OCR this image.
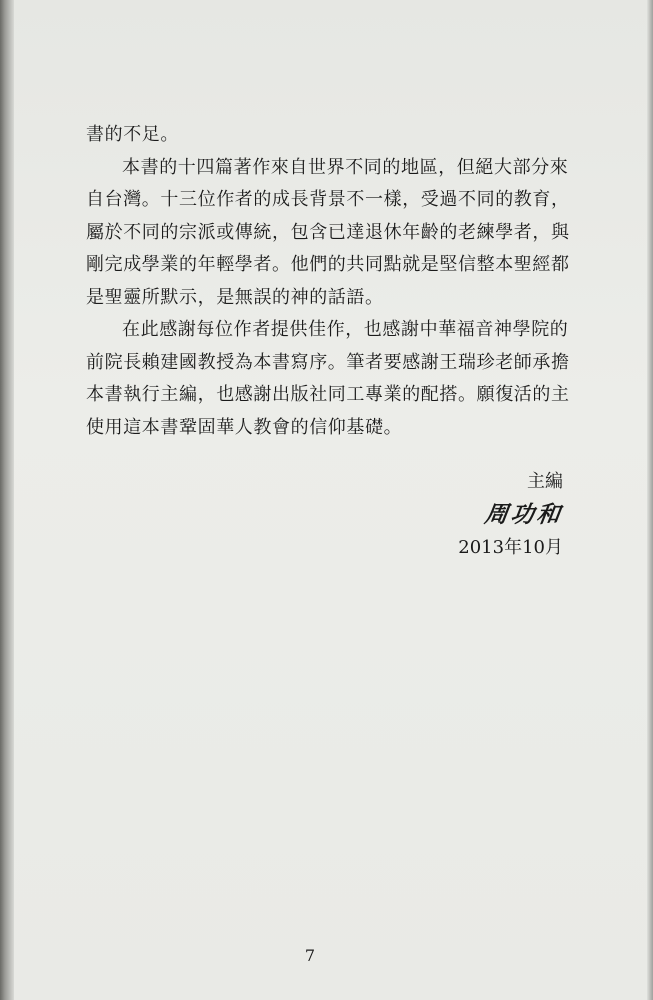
書的不足。

本書的十四篇著作來自世界不同的地區，但絕大部分來自台灣。十三位作者的成長背景不一樣，受過不同的教育，屬於不同的宗派或傳統，包含已達退休年齡的老練學者，與剛完成學業的年輕學者。他們的共同點就是堅信整本聖經都是聖靈所默示，是無誤的神的話語。

在此感謝每位作者提供佳作，也感謝中華福音神學院的前院長賴建國教授為本書寫序。筆者要感謝王瑞珍老師承擔本書執行主編，也感謝出版社同工專業的配搭。願復活的主使用這本書鞏固華人教會的信仰基礎。

主編
周功和
2013年10月
7
